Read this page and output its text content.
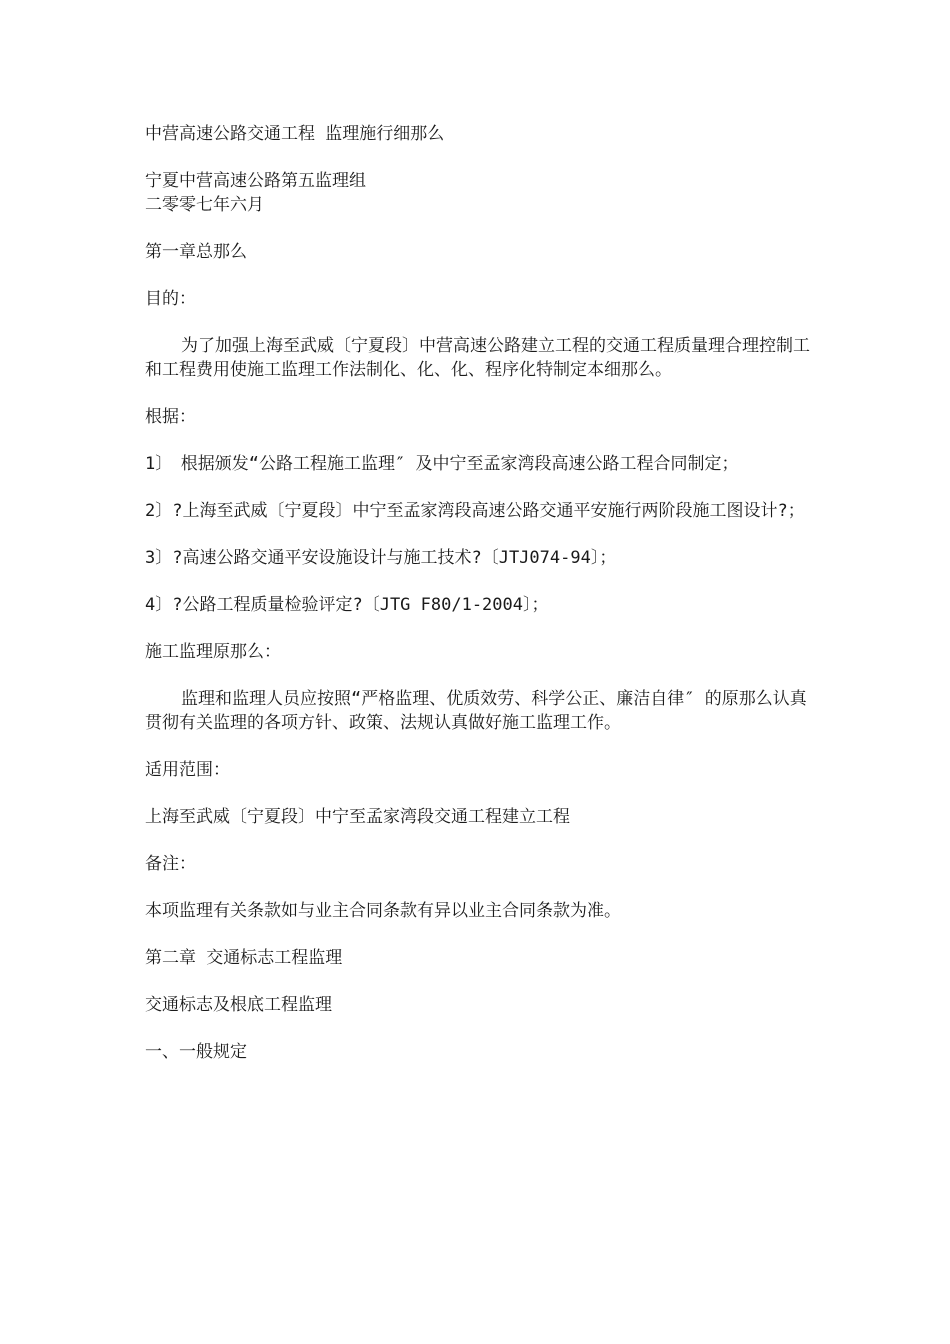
中营高速公路交通工程 监理施行细那么

宁夏中营高速公路第五监理组

二零零七年六月

第一章总那么

目的：

为了加强上海至武威〔宁夏段〕中营高速公路建立工程的交通工程质量理合理控制工和工程费用使施工监理工作法制化、化、化、程序化特制定本细那么。

根据：

1〕　根据颁发“公路工程施工监理″ 及中宁至孟家湾段高速公路工程合同制定；

2〕?上海至武威〔宁夏段〕中宁至孟家湾段高速公路交通平安施行两阶段施工图设计?；

3〕?高速公路交通平安设施设计与施工技术?〔JTJ074-94〕；

4〕?公路工程质量检验评定?〔JTG F80/1-2004〕；

施工监理原那么：

监理和监理人员应按照“严格监理、优质效劳、科学公正、廉洁自律″ 的原那么认真贯彻有关监理的各项方针、政策、法规认真做好施工监理工作。

适用范围：

上海至武威〔宁夏段〕中宁至孟家湾段交通工程建立工程

备注：

本项监理有关条款如与业主合同条款有异以业主合同条款为准。

第二章 交通标志工程监理

交通标志及根底工程监理

一、一般规定
